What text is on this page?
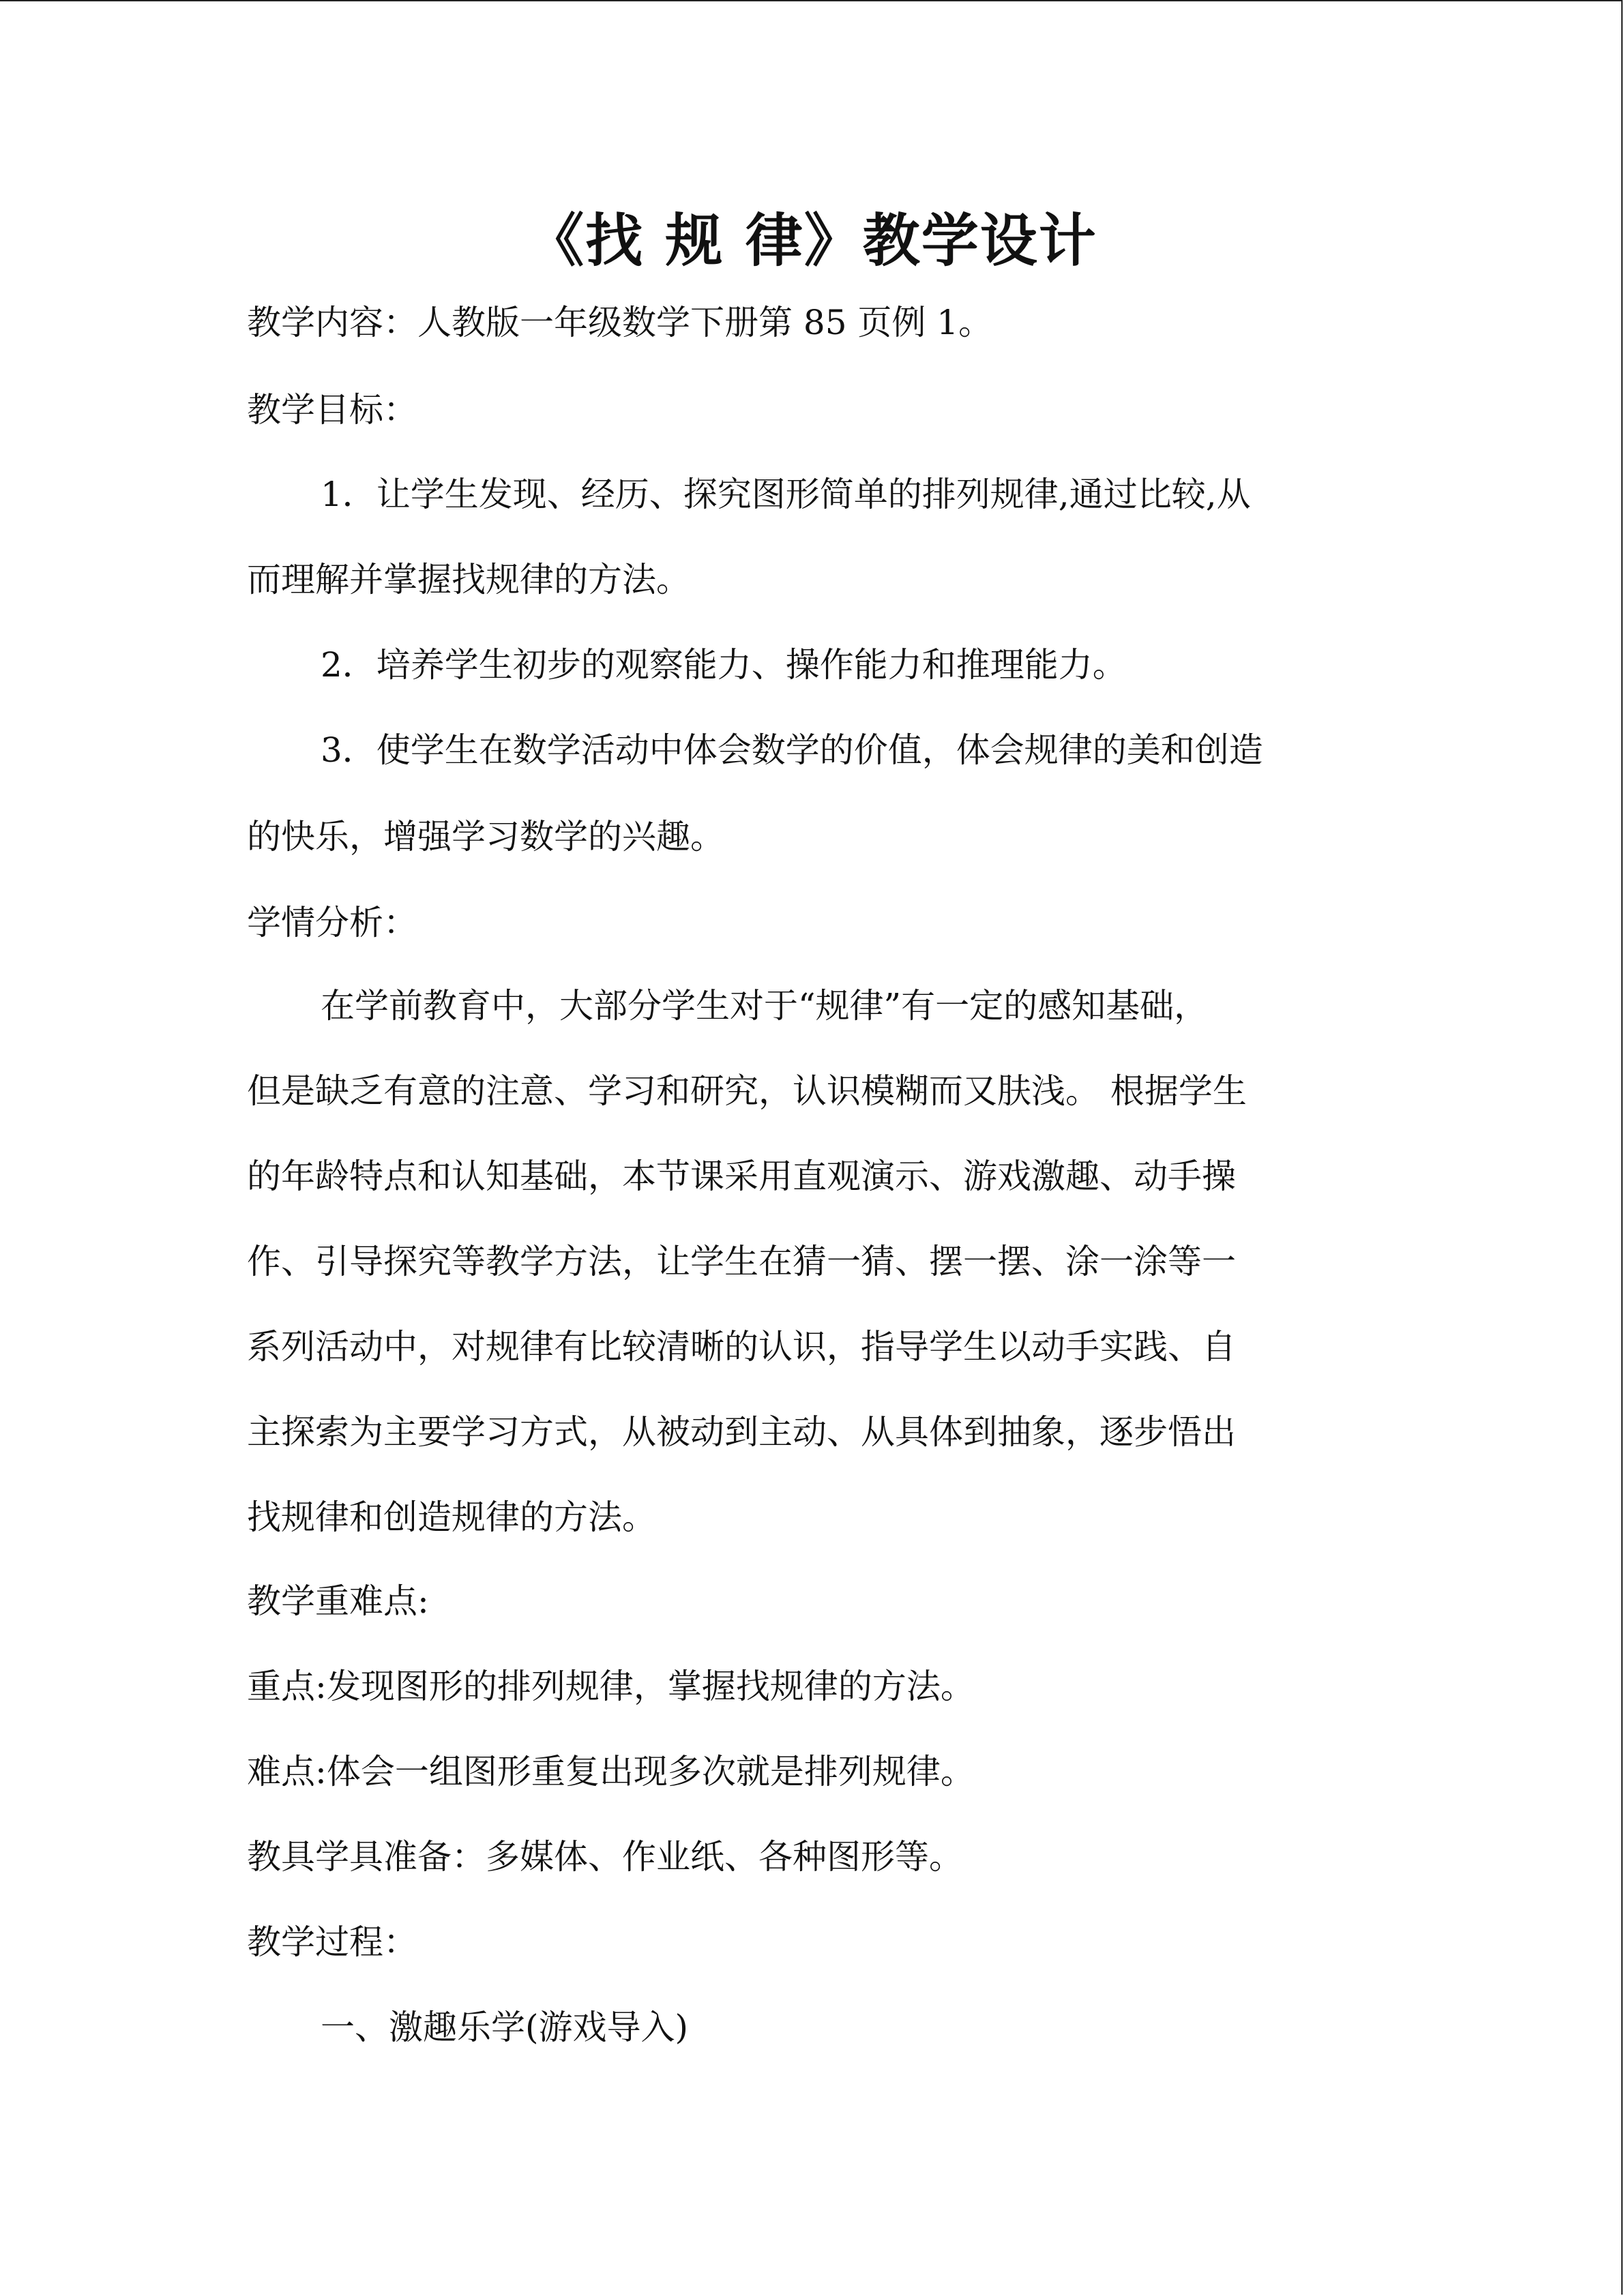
《找 规 律》教学设计
教学内容：人教版一年级数学下册第 85 页例 1。
教学目标：
1．让学生发现、经历、探究图形简单的排列规律,通过比较,从
而理解并掌握找规律的方法。
2．培养学生初步的观察能力、操作能力和推理能力。
3．使学生在数学活动中体会数学的价值，体会规律的美和创造
的快乐，增强学习数学的兴趣。
学情分析：
在学前教育中，大部分学生对于“规律”有一定的感知基础，
但是缺乏有意的注意、学习和研究，认识模糊而又肤浅。 根据学生
的年龄特点和认知基础，本节课采用直观演示、游戏激趣、动手操
作、引导探究等教学方法，让学生在猜一猜、摆一摆、涂一涂等一
系列活动中，对规律有比较清晰的认识，指导学生以动手实践、自
主探索为主要学习方式，从被动到主动、从具体到抽象，逐步悟出
找规律和创造规律的方法。
教学重难点:
重点:发现图形的排列规律，掌握找规律的方法。
难点:体会一组图形重复出现多次就是排列规律。
教具学具准备：多媒体、作业纸、各种图形等。
教学过程：
一、激趣乐学(游戏导入)
